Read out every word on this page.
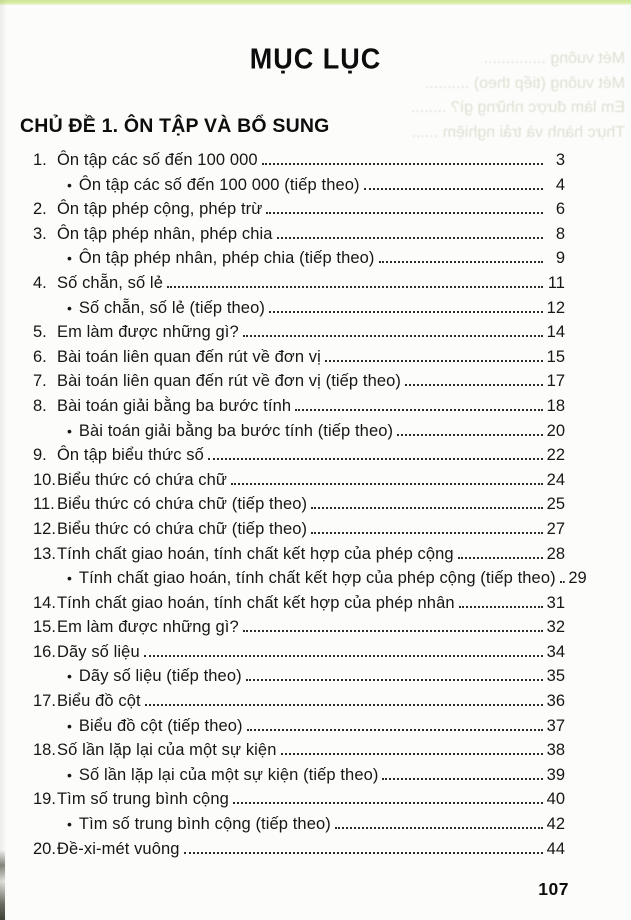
Mét vuông ..............
Mét vuông (tiếp theo) ..........
Em làm được những gì? ........
Thực hành và trải nghiệm ......
MỤC LỤC
CHỦ ĐỀ 1. ÔN TẬP VÀ BỔ SUNG
1. Ôn tập các số đến 100 000	3
• Ôn tập các số đến 100 000 (tiếp theo)	4
2. Ôn tập phép cộng, phép trừ	6
3. Ôn tập phép nhân, phép chia	8
• Ôn tập phép nhân, phép chia (tiếp theo)	9
4. Số chẵn, số lẻ	11
• Số chẵn, số lẻ (tiếp theo)	12
5. Em làm được những gì?	14
6. Bài toán liên quan đến rút về đơn vị	15
7. Bài toán liên quan đến rút về đơn vị (tiếp theo)	17
8. Bài toán giải bằng ba bước tính	18
• Bài toán giải bằng ba bước tính (tiếp theo)	20
9. Ôn tập biểu thức số	22
10. Biểu thức có chứa chữ	24
11. Biểu thức có chứa chữ (tiếp theo)	25
12. Biểu thức có chứa chữ (tiếp theo)	27
13. Tính chất giao hoán, tính chất kết hợp của phép cộng	28
• Tính chất giao hoán, tính chất kết hợp của phép cộng (tiếp theo) 29
14. Tính chất giao hoán, tính chất kết hợp của phép nhân	31
15. Em làm được những gì?	32
16. Dãy số liệu	34
• Dãy số liệu (tiếp theo)	35
17. Biểu đồ cột	36
• Biểu đồ cột (tiếp theo)	37
18. Số lần lặp lại của một sự kiện	38
• Số lần lặp lại của một sự kiện (tiếp theo)	39
19. Tìm số trung bình cộng	40
• Tìm số trung bình cộng (tiếp theo)	42
20. Đề-xi-mét vuông	44
107
